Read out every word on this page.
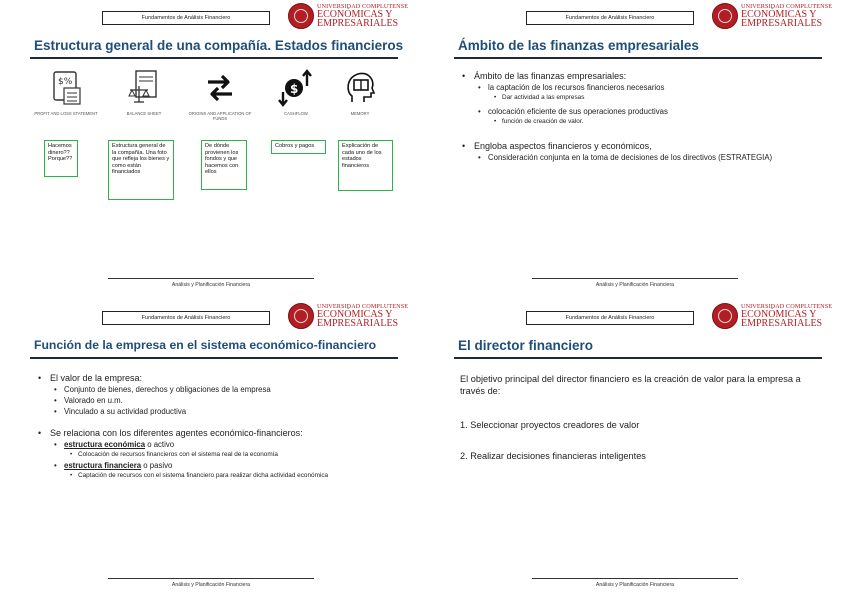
Fundamentos de Análisis Financiero
UNIVERSIDAD COMPLUTENSE
ECONÓMICAS Y
EMPRESARIALES
Estructura general de una compañía. Estados financieros
$%
PROFIT AND LOSS STATEMENT	BALANCE SHEET	ORIGINS AND APPLICATION OF FUNDS
$
CASHFLOW	MEMORY
Hacemos dinero?? Porque??
Estructura general de la compañía. Una foto que refleja los bienes y como están financiados
De dónde provienen los fondos y que hacemos con ellos
Cobros y pagos	Explicación de cada uno de los estados financieros
Análisis y Planificación Financiera
Fundamentos de Análisis Financiero
UNIVERSIDAD COMPLUTENSE
ECONÓMICAS Y
EMPRESARIALES
Ámbito de las finanzas empresariales
• Ámbito de las finanzas empresariales:
• la captación de los recursos financieros necesarios
• Dar actividad a las empresas
• colocación eficiente de sus operaciones productivas
• función de creación de valor.
• Engloba aspectos financieros y económicos,
• Consideración conjunta en la toma de decisiones de los directivos (ESTRATEGIA)
Análisis y Planificación Financiera
Fundamentos de Análisis Financiero
UNIVERSIDAD COMPLUTENSE
ECONÓMICAS Y
EMPRESARIALES
Función de la empresa en el sistema económico-financiero
• El valor de la empresa:
• Conjunto de bienes, derechos y obligaciones de la empresa
• Valorado en u.m.
• Vinculado a su actividad productiva
• Se relaciona con los diferentes agentes económico-financieros:
• estructura económica o activo
• Colocación de recursos financieros con el sistema real de la economía
• estructura financiera o pasivo
• Captación de recursos con el sistema financiero para realizar dicha actividad económica
Análisis y Planificación Financiera
Fundamentos de Análisis Financiero
UNIVERSIDAD COMPLUTENSE
ECONÓMICAS Y
EMPRESARIALES
El director financiero
El objetivo principal del director financiero es la creación de valor para la empresa a través de:
1. Seleccionar proyectos creadores de valor
2. Realizar decisiones financieras inteligentes
Análisis y Planificación Financiera
